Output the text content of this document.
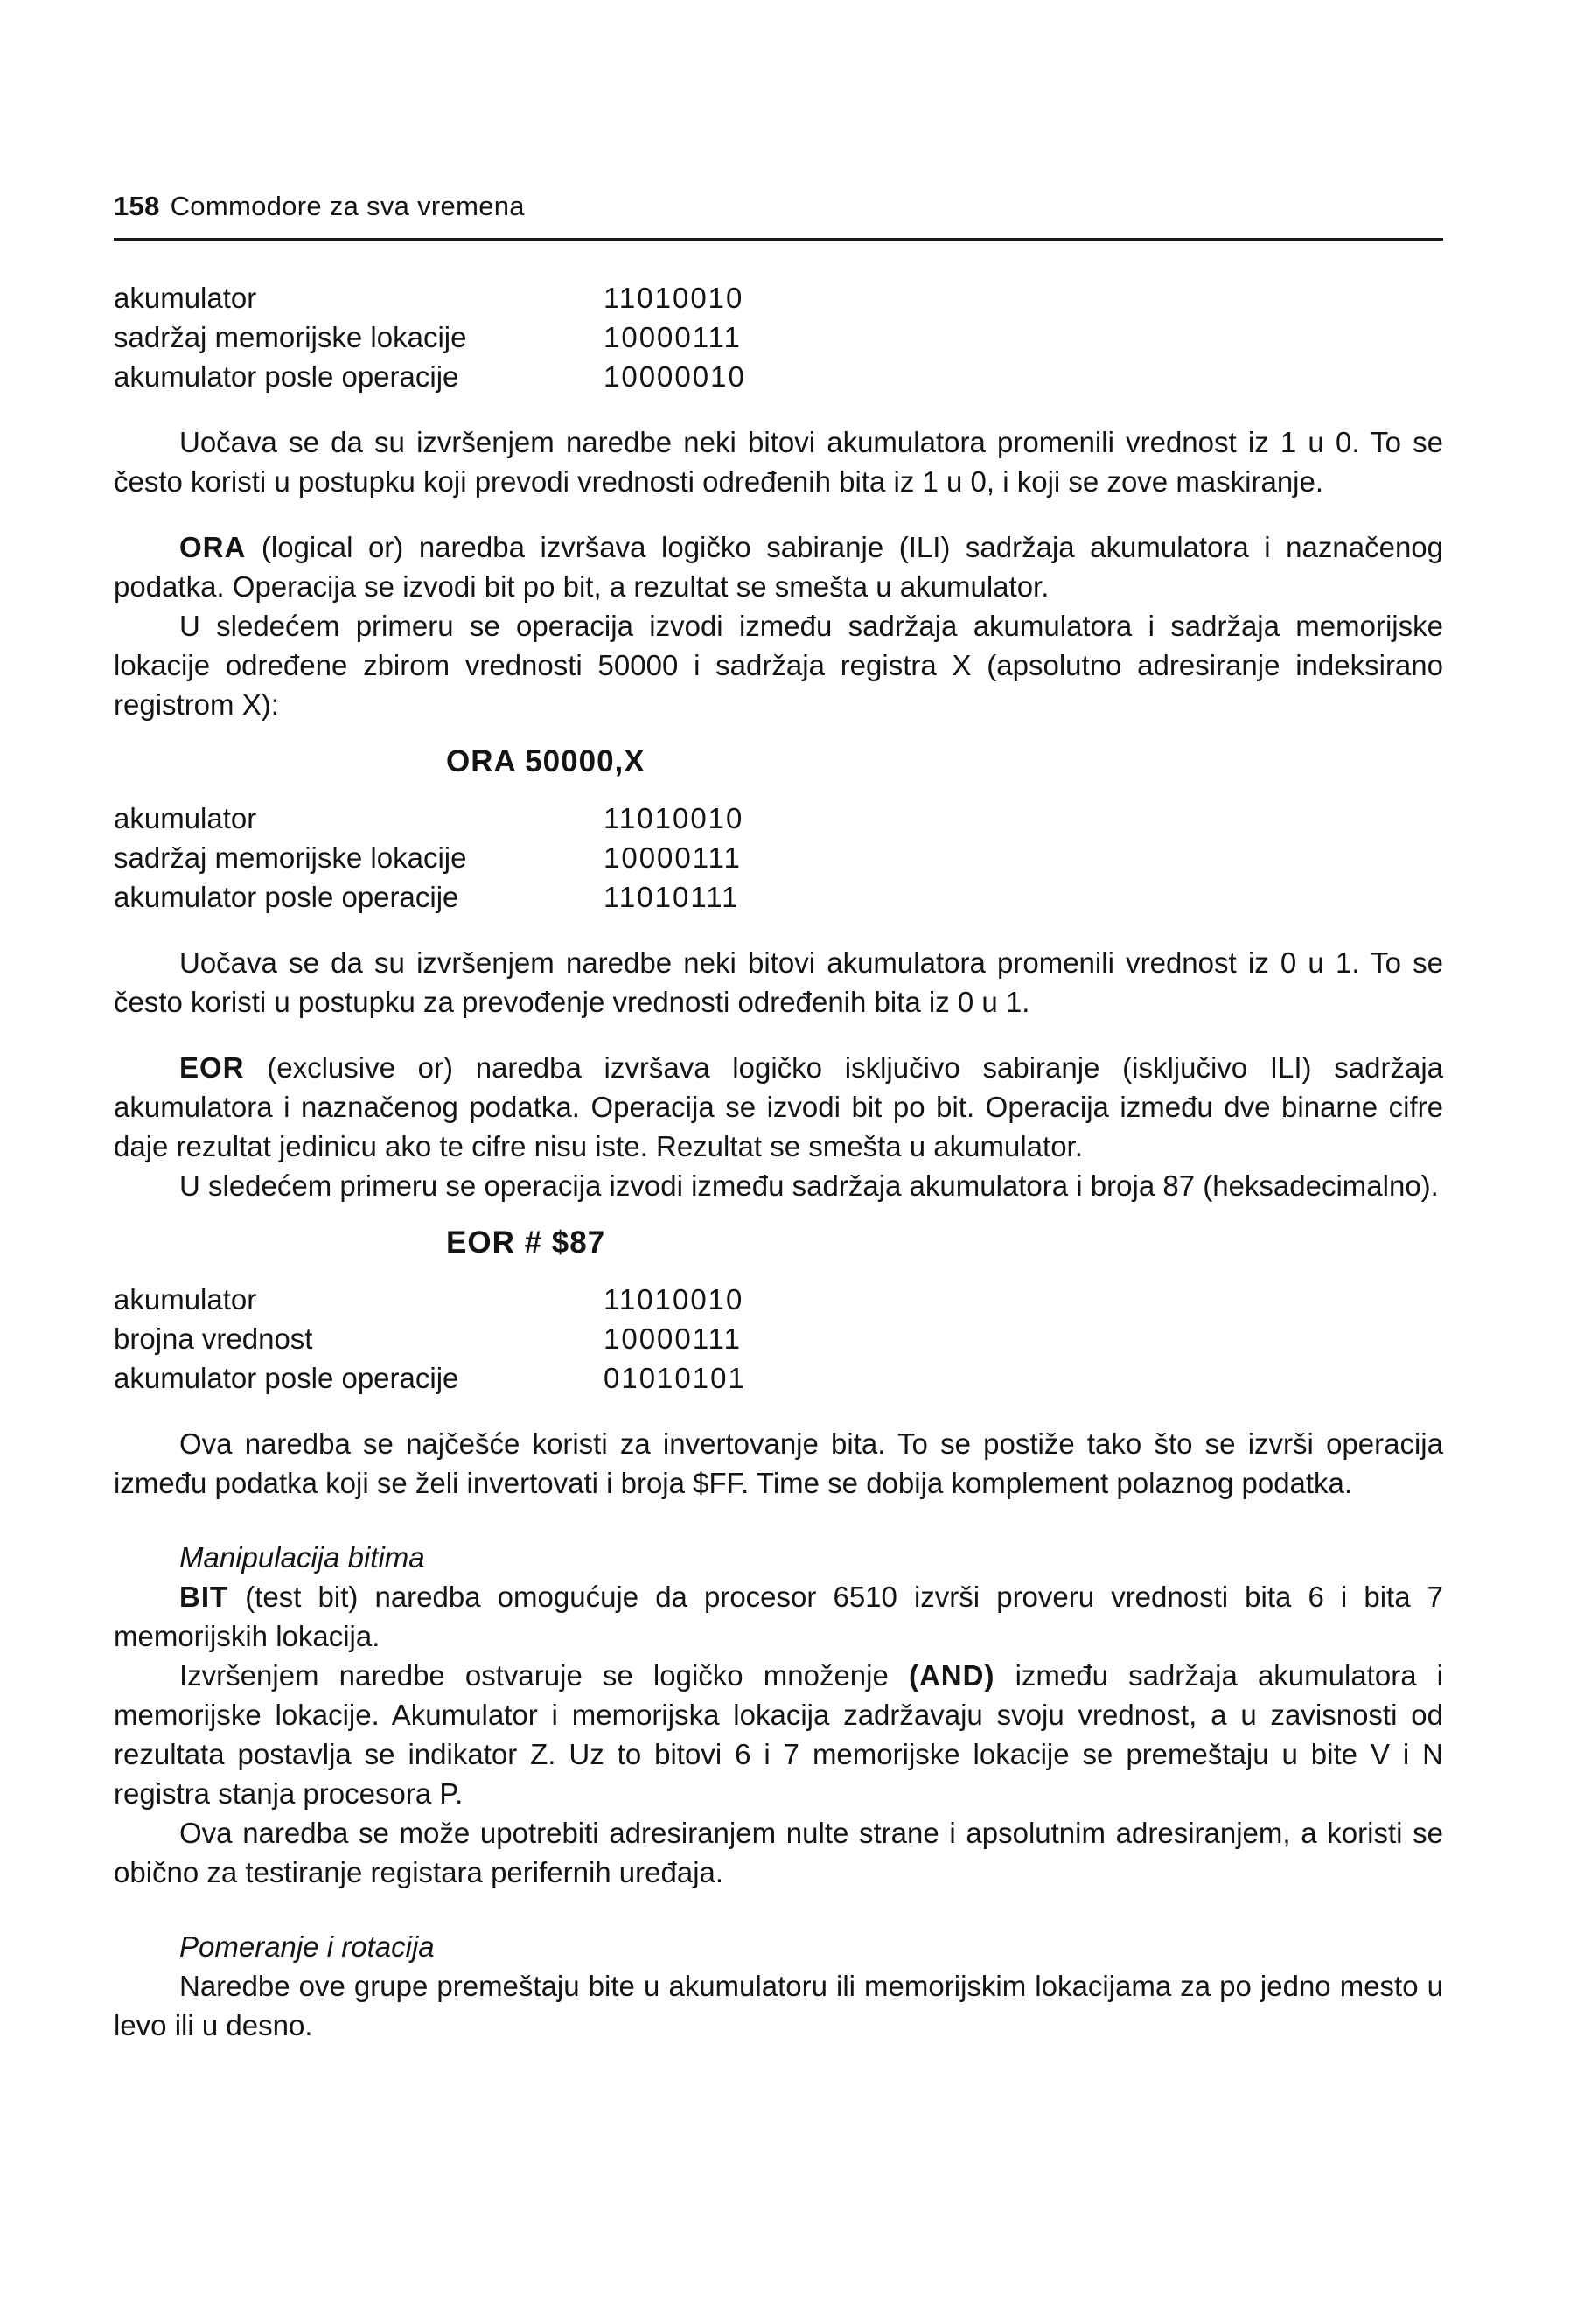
158 Commodore za sva vremena
akumulator	11010010
sadržaj memorijske lokacije	10000111
akumulator posle operacije	10000010

Uočava se da su izvršenjem naredbe neki bitovi akumulatora promenili vrednost iz 1 u 0. To se često koristi u postupku koji prevodi vrednosti određenih bita iz 1 u 0, i koji se zove maskiranje.

ORA (logical or) naredba izvršava logičko sabiranje (ILI) sadržaja akumulatora i naznačenog podatka. Operacija se izvodi bit po bit, a rezultat se smešta u akumulator.

U sledećem primeru se operacija izvodi između sadržaja akumulatora i sadržaja memorijske lokacije određene zbirom vrednosti 50000 i sadržaja registra X (apsolutno adresiranje indeksirano registrom X):

ORA 50000,X
akumulator	11010010
sadržaj memorijske lokacije	10000111
akumulator posle operacije	11010111

Uočava se da su izvršenjem naredbe neki bitovi akumulatora promenili vrednost iz 0 u 1. To se često koristi u postupku za prevođenje vrednosti određenih bita iz 0 u 1.

EOR (exclusive or) naredba izvršava logičko isključivo sabiranje (isključivo ILI) sadržaja akumulatora i naznačenog podatka. Operacija se izvodi bit po bit. Operacija između dve binarne cifre daje rezultat jedinicu ako te cifre nisu iste. Rezultat se smešta u akumulator.

U sledećem primeru se operacija izvodi između sadržaja akumulatora i broja 87 (heksadecimalno).

EOR # $87
akumulator	11010010
brojna vrednost	10000111
akumulator posle operacije	01010101

Ova naredba se najčešće koristi za invertovanje bita. To se postiže tako što se izvrši operacija između podatka koji se želi invertovati i broja $FF. Time se dobija komplement polaznog podatka.

Manipulacija bitima

BIT (test bit) naredba omogućuje da procesor 6510 izvrši proveru vrednosti bita 6 i bita 7 memorijskih lokacija.

Izvršenjem naredbe ostvaruje se logičko množenje (AND) između sadržaja akumulatora i memorijske lokacije. Akumulator i memorijska lokacija zadržavaju svoju vrednost, a u zavisnosti od rezultata postavlja se indikator Z. Uz to bitovi 6 i 7 memorijske lokacije se premeštaju u bite V i N registra stanja procesora P.

Ova naredba se može upotrebiti adresiranjem nulte strane i apsolutnim adresiranjem, a koristi se obično za testiranje registara perifernih uređaja.

Pomeranje i rotacija

Naredbe ove grupe premeštaju bite u akumulatoru ili memorijskim lokacijama za po jedno mesto u levo ili u desno.
